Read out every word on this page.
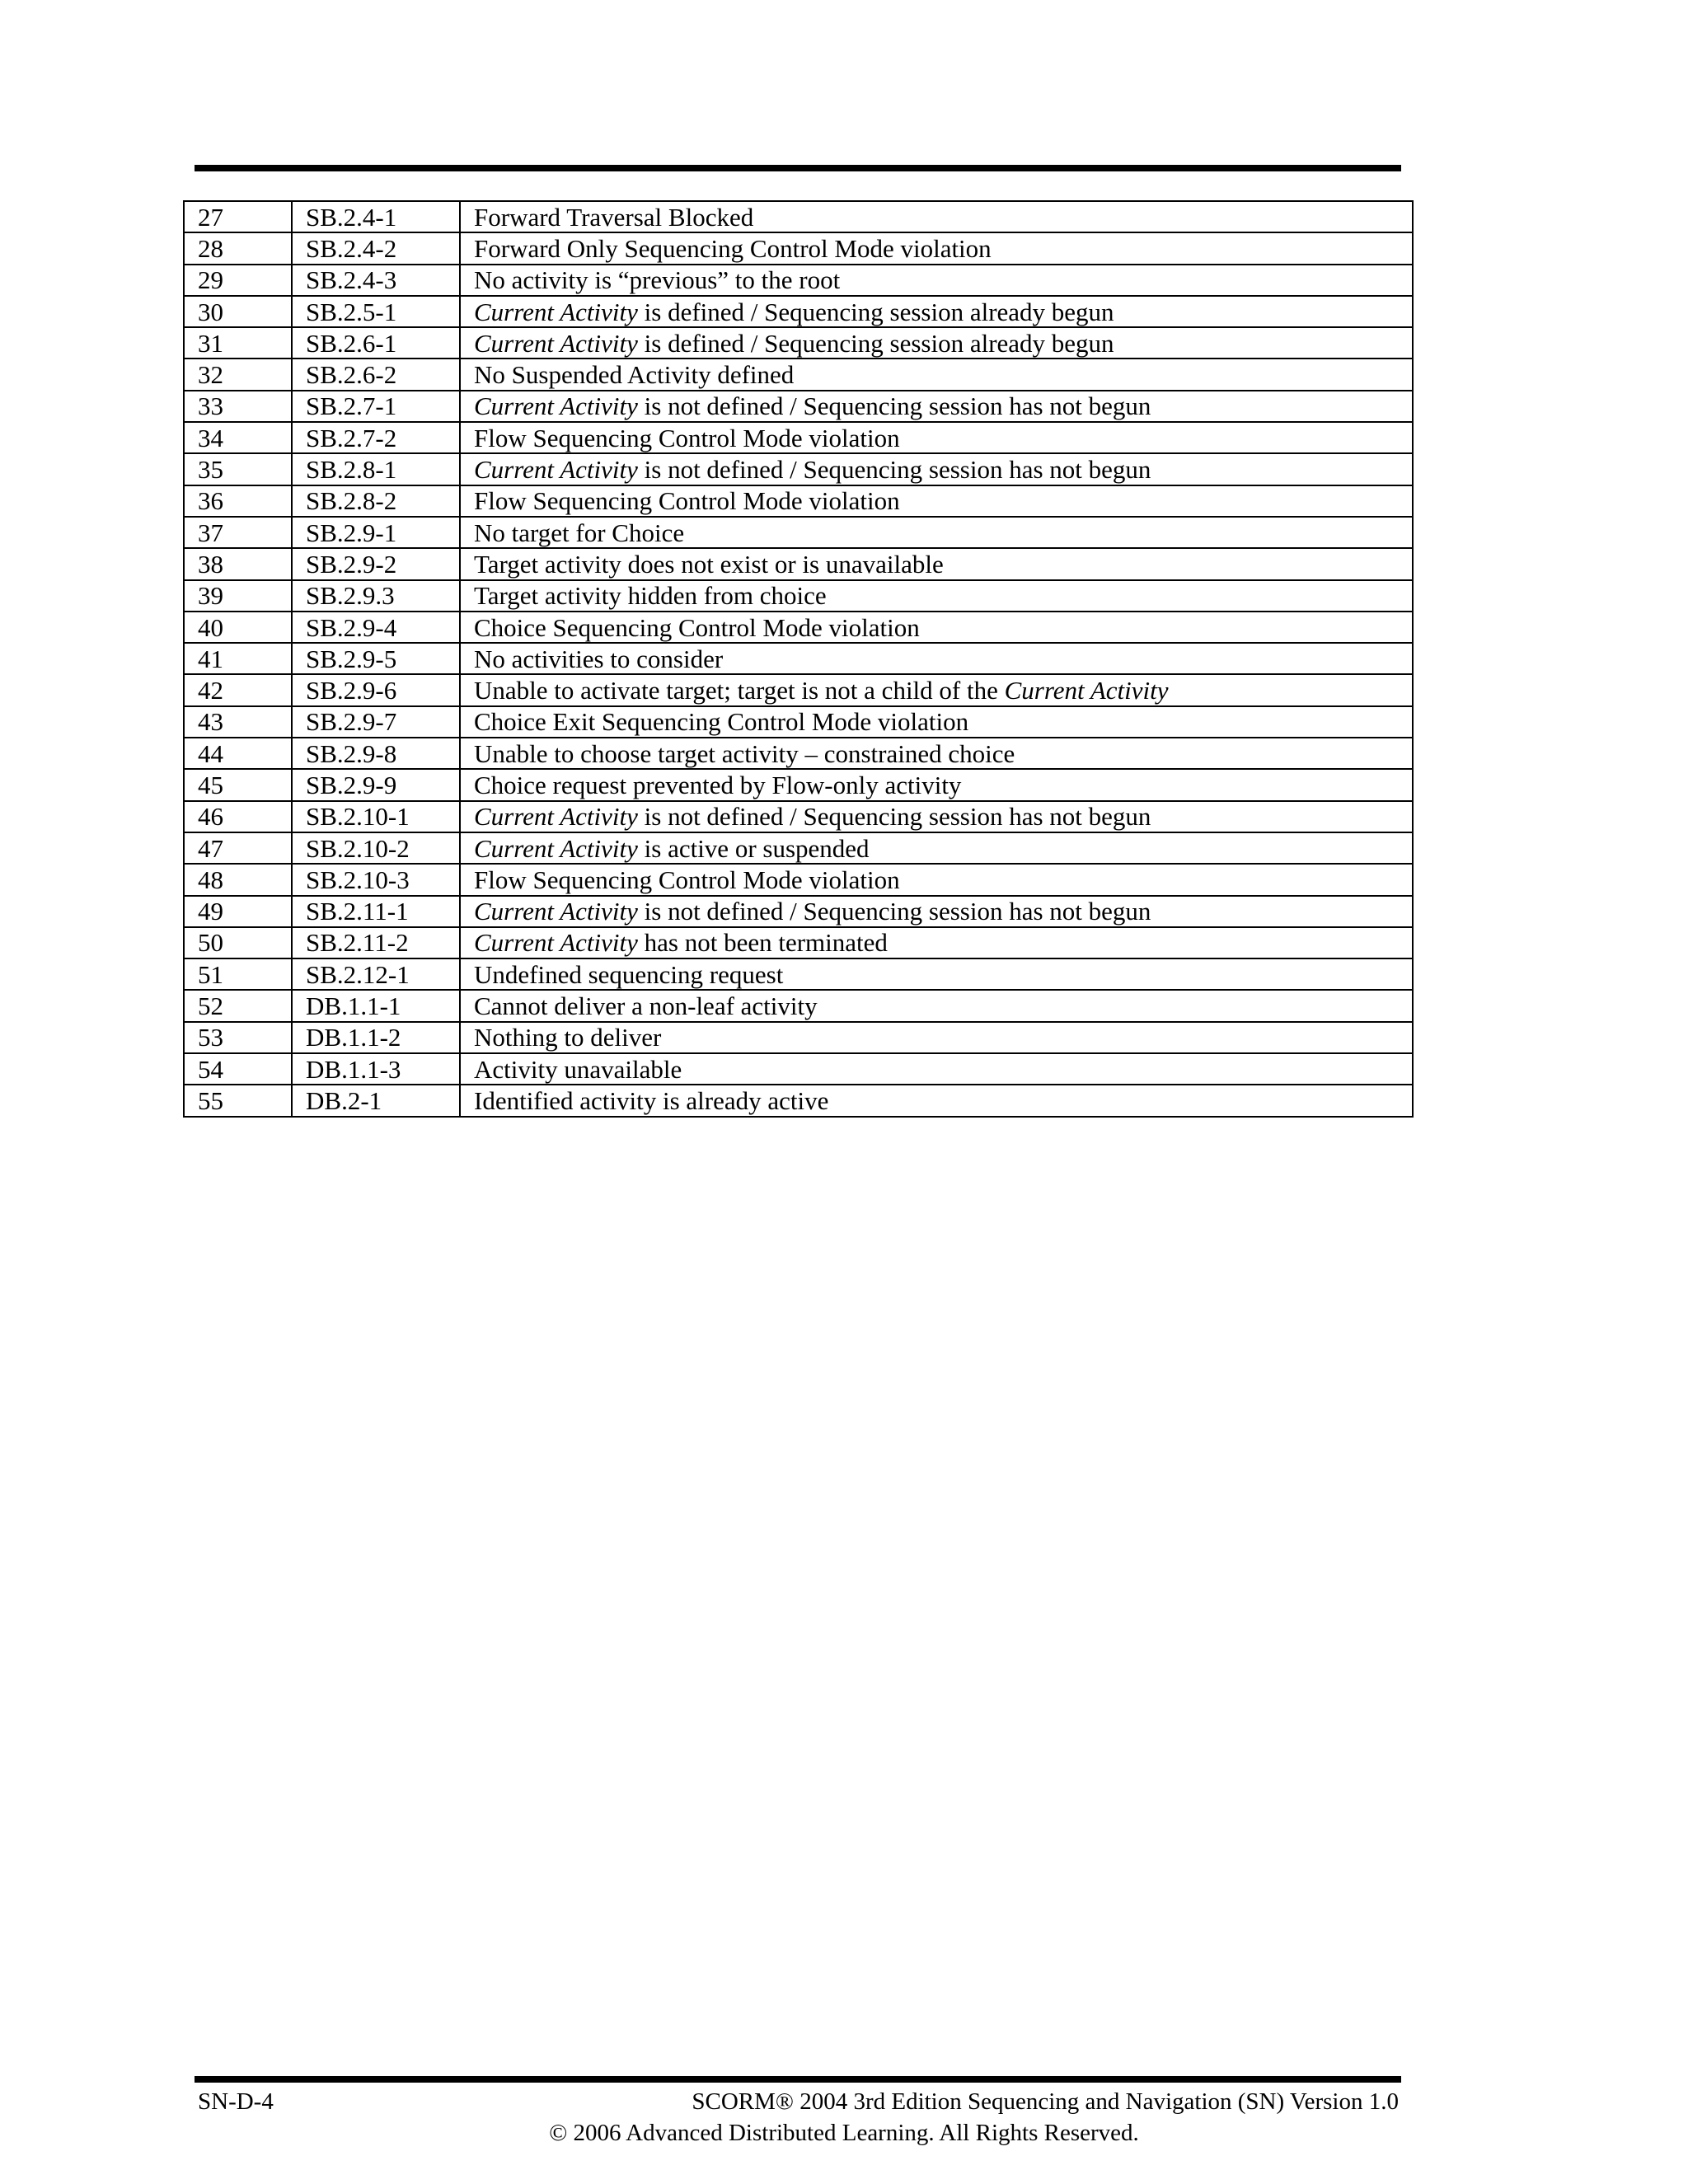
27	SB.2.4-1	Forward Traversal Blocked
28	SB.2.4-2	Forward Only Sequencing Control Mode violation
29	SB.2.4-3	No activity is “previous” to the root
30	SB.2.5-1	Current Activity is defined / Sequencing session already begun
31	SB.2.6-1	Current Activity is defined / Sequencing session already begun
32	SB.2.6-2	No Suspended Activity defined
33	SB.2.7-1	Current Activity is not defined / Sequencing session has not begun
34	SB.2.7-2	Flow Sequencing Control Mode violation
35	SB.2.8-1	Current Activity is not defined / Sequencing session has not begun
36	SB.2.8-2	Flow Sequencing Control Mode violation
37	SB.2.9-1	No target for Choice
38	SB.2.9-2	Target activity does not exist or is unavailable
39	SB.2.9.3	Target activity hidden from choice
40	SB.2.9-4	Choice Sequencing Control Mode violation
41	SB.2.9-5	No activities to consider
42	SB.2.9-6	Unable to activate target; target is not a child of the Current Activity
43	SB.2.9-7	Choice Exit Sequencing Control Mode violation
44	SB.2.9-8	Unable to choose target activity – constrained choice
45	SB.2.9-9	Choice request prevented by Flow-only activity
46	SB.2.10-1	Current Activity is not defined / Sequencing session has not begun
47	SB.2.10-2	Current Activity is active or suspended
48	SB.2.10-3	Flow Sequencing Control Mode violation
49	SB.2.11-1	Current Activity is not defined / Sequencing session has not begun
50	SB.2.11-2	Current Activity has not been terminated
51	SB.2.12-1	Undefined sequencing request
52	DB.1.1-1	Cannot deliver a non-leaf activity
53	DB.1.1-2	Nothing to deliver
54	DB.1.1-3	Activity unavailable
55	DB.2-1	Identified activity is already active
SN-D-4	SCORM® 2004 3rd Edition Sequencing and Navigation (SN) Version 1.0
© 2006 Advanced Distributed Learning. All Rights Reserved.
